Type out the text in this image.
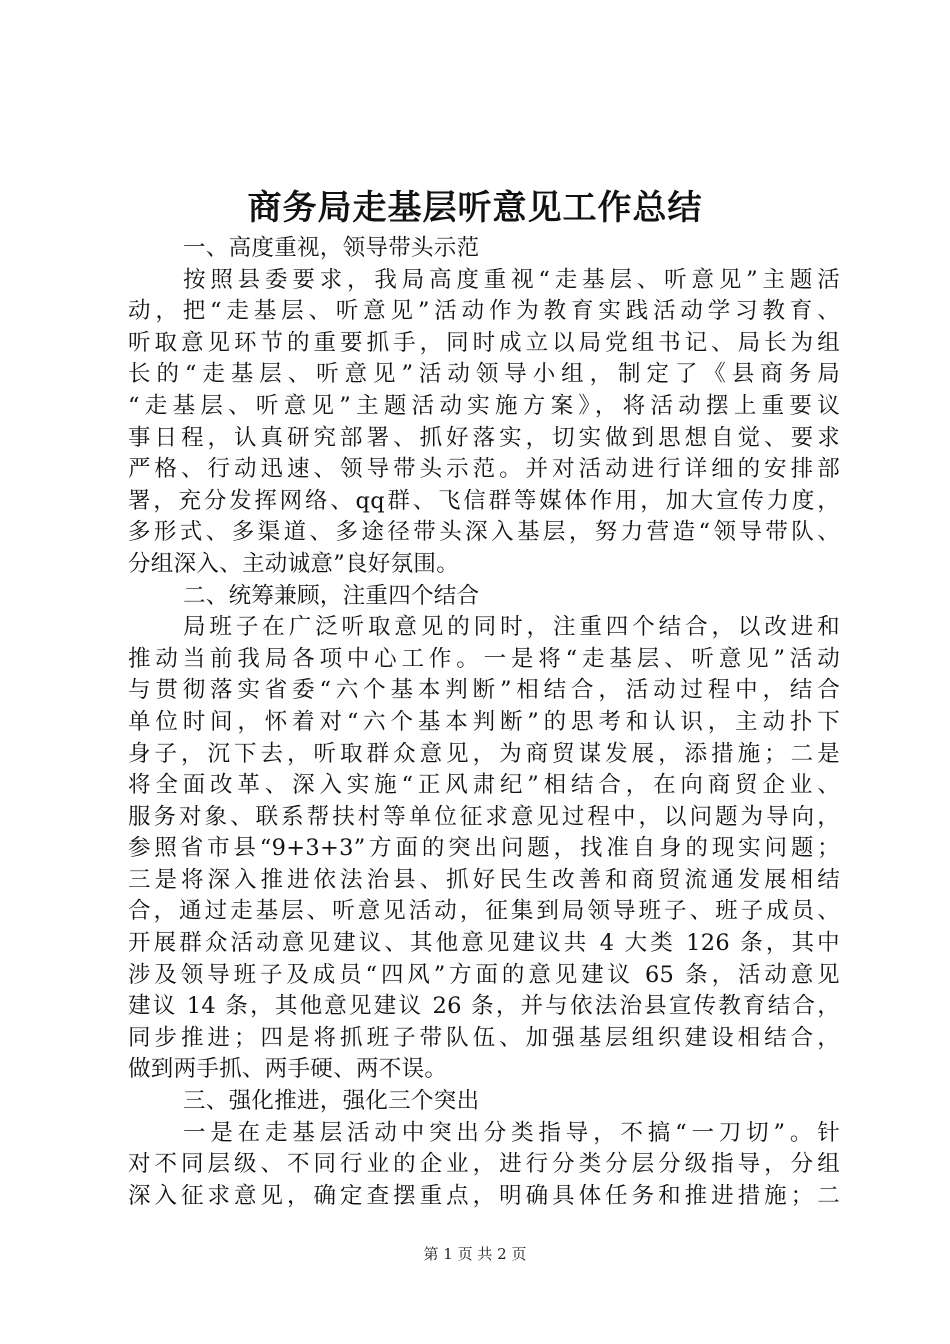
商务局走基层听意见工作总结
一、高度重视，领导带头示范
按照县委要求，我局高度重视“走基层、听意见”主题活
动，把“走基层、听意见”活动作为教育实践活动学习教育、
听取意见环节的重要抓手，同时成立以局党组书记、局长为组
长的“走基层、听意见”活动领导小组，制定了《县商务局
“走基层、听意见”主题活动实施方案》，将活动摆上重要议
事日程，认真研究部署、抓好落实，切实做到思想自觉、要求
严格、行动迅速、领导带头示范。并对活动进行详细的安排部
署，充分发挥网络、qq群、飞信群等媒体作用，加大宣传力度，
多形式、多渠道、多途径带头深入基层，努力营造“领导带队、
分组深入、主动诚意”良好氛围。
二、统筹兼顾，注重四个结合
局班子在广泛听取意见的同时，注重四个结合，以改进和
推动当前我局各项中心工作。一是将“走基层、听意见”活动
与贯彻落实省委“六个基本判断”相结合，活动过程中，结合
单位时间，怀着对“六个基本判断”的思考和认识，主动扑下
身子，沉下去，听取群众意见，为商贸谋发展，添措施；二是
将全面改革、深入实施“正风肃纪”相结合，在向商贸企业、
服务对象、联系帮扶村等单位征求意见过程中，以问题为导向，
参照省市县“9+3+3”方面的突出问题，找准自身的现实问题；
三是将深入推进依法治县、抓好民生改善和商贸流通发展相结
合，通过走基层、听意见活动，征集到局领导班子、班子成员、
开展群众活动意见建议、其他意见建议共 4 大类 126 条，其中
涉及领导班子及成员“四风”方面的意见建议 65 条，活动意见
建议 14 条，其他意见建议 26 条，并与依法治县宣传教育结合，
同步推进；四是将抓班子带队伍、加强基层组织建设相结合，
做到两手抓、两手硬、两不误。
三、强化推进，强化三个突出
一是在走基层活动中突出分类指导，不搞“一刀切”。针
对不同层级、不同行业的企业，进行分类分层分级指导，分组
深入征求意见，确定查摆重点，明确具体任务和推进措施；二
第 1 页 共 2 页
